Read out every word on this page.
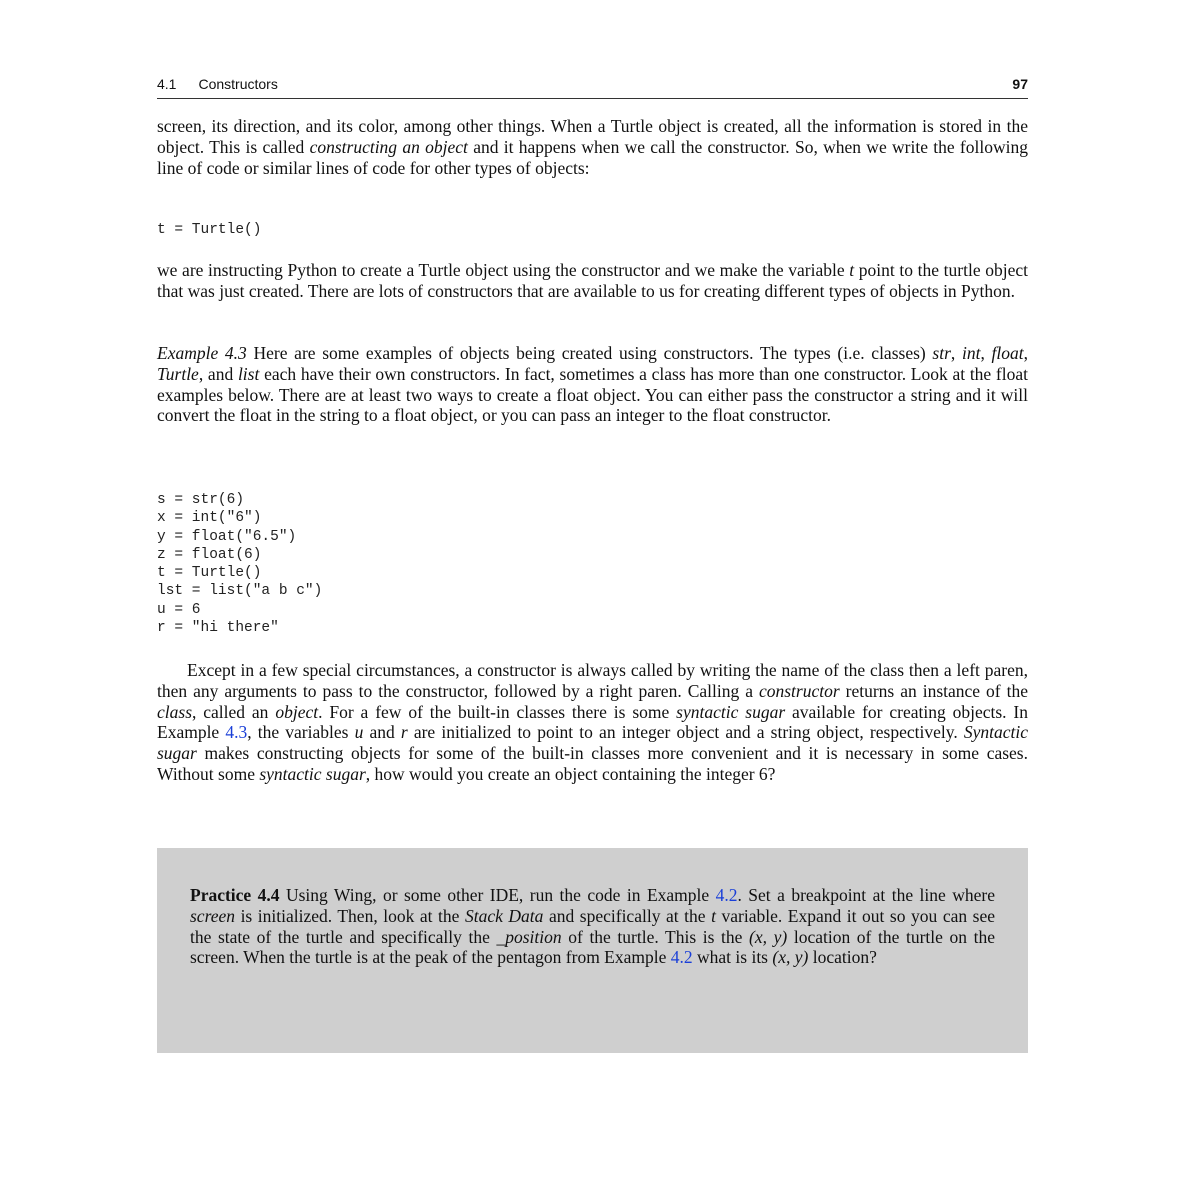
4.1 Constructors	97
screen, its direction, and its color, among other things. When a Turtle object is created, all the information is stored in the object. This is called constructing an object and it happens when we call the constructor. So, when we write the following line of code or similar lines of code for other types of objects:
t = Turtle()
we are instructing Python to create a Turtle object using the constructor and we make the variable t point to the turtle object that was just created. There are lots of constructors that are available to us for creating different types of objects in Python.
Example 4.3 Here are some examples of objects being created using constructors. The types (i.e. classes) str, int, float, Turtle, and list each have their own constructors. In fact, sometimes a class has more than one constructor. Look at the float examples below. There are at least two ways to create a float object. You can either pass the constructor a string and it will convert the float in the string to a float object, or you can pass an integer to the float constructor.
s = str(6)
x = int("6")
y = float("6.5")
z = float(6)
t = Turtle()
lst = list("a b c")
u = 6
r = "hi there"
Except in a few special circumstances, a constructor is always called by writing the name of the class then a left paren, then any arguments to pass to the constructor, followed by a right paren. Calling a constructor returns an instance of the class, called an object. For a few of the built-in classes there is some syntactic sugar available for creating objects. In Example 4.3, the variables u and r are initialized to point to an integer object and a string object, respectively. Syntactic sugar makes constructing objects for some of the built-in classes more convenient and it is necessary in some cases. Without some syntactic sugar, how would you create an object containing the integer 6?
Practice 4.4 Using Wing, or some other IDE, run the code in Example 4.2. Set a breakpoint at the line where screen is initialized. Then, look at the Stack Data and specifically at the t variable. Expand it out so you can see the state of the turtle and specifically the _position of the turtle. This is the (x, y) location of the turtle on the screen. When the turtle is at the peak of the pentagon from Example 4.2 what is its (x, y) location?
